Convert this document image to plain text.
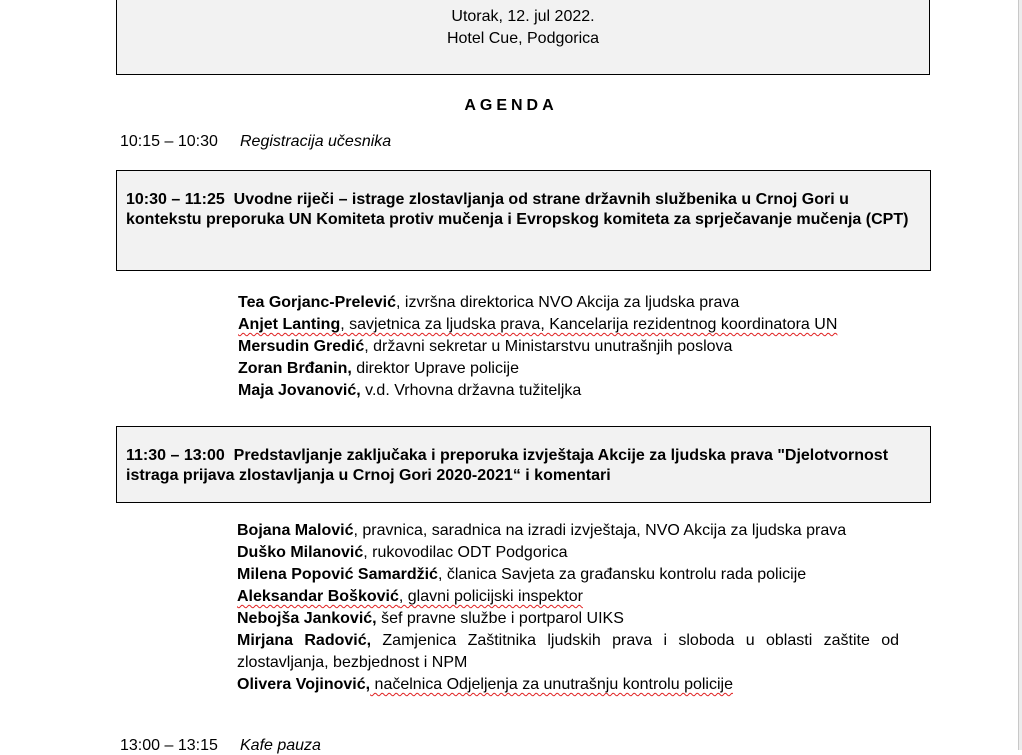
Utorak, 12. jul 2022.
Hotel Cue, Podgorica
AGENDA
10:15 – 10:30 Registracija učesnika
10:30 – 11:25 Uvodne riječi – istrage zlostavljanja od strane državnih službenika u Crnoj Gori u kontekstu preporuka UN Komiteta protiv mučenja i Evropskog komiteta za sprječavanje mučenja (CPT)
Tea Gorjanc-Prelević, izvršna direktorica NVO Akcija za ljudska prava
Anjet Lanting, savjetnica za ljudska prava, Kancelarija rezidentnog koordinatora UN
Mersudin Gredić, državni sekretar u Ministarstvu unutrašnjih poslova
Zoran Brđanin, direktor Uprave policije
Maja Jovanović, v.d. Vrhovna državna tužiteljka
11:30 – 13:00 Predstavljanje zaključaka i preporuka izvještaja Akcije za ljudska prava "Djelotvornost istraga prijava zlostavljanja u Crnoj Gori 2020-2021“ i komentari
Bojana Malović, pravnica, saradnica na izradi izvještaja, NVO Akcija za ljudska prava
Duško Milanović, rukovodilac ODT Podgorica
Milena Popović Samardžić, članica Savjeta za građansku kontrolu rada policije
Aleksandar Bošković, glavni policijski inspektor
Nebojša Janković, šef pravne službe i portparol UIKS
Mirjana Radović, Zamjenica Zaštitnika ljudskih prava i sloboda u oblasti zaštite od zlostavljanja, bezbjednost i NPM
Olivera Vojinović, načelnica Odjeljenja za unutrašnju kontrolu policije
13:00 – 13:15 Kafe pauza
